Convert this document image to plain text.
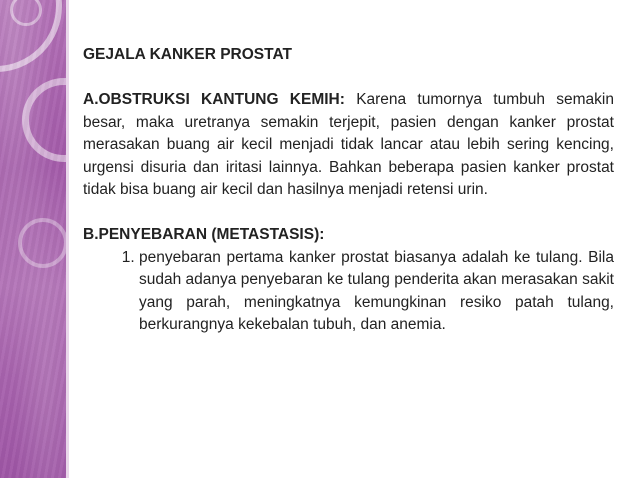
GEJALA KANKER PROSTAT
A.OBSTRUKSI KANTUNG KEMIH: Karena tumornya tumbuh semakin besar, maka uretranya semakin terjepit, pasien dengan kanker prostat merasakan buang air kecil menjadi tidak lancar atau lebih sering kencing, urgensi disuria dan iritasi lainnya. Bahkan beberapa pasien kanker prostat tidak bisa buang air kecil dan hasilnya menjadi retensi urin.
B.PENYEBARAN (METASTASIS):
1. penyebaran pertama kanker prostat biasanya adalah ke tulang. Bila sudah adanya penyebaran ke tulang penderita akan merasakan sakit yang parah, meningkatnya kemungkinan resiko patah tulang, berkurangnya kekebalan tubuh, dan anemia.
